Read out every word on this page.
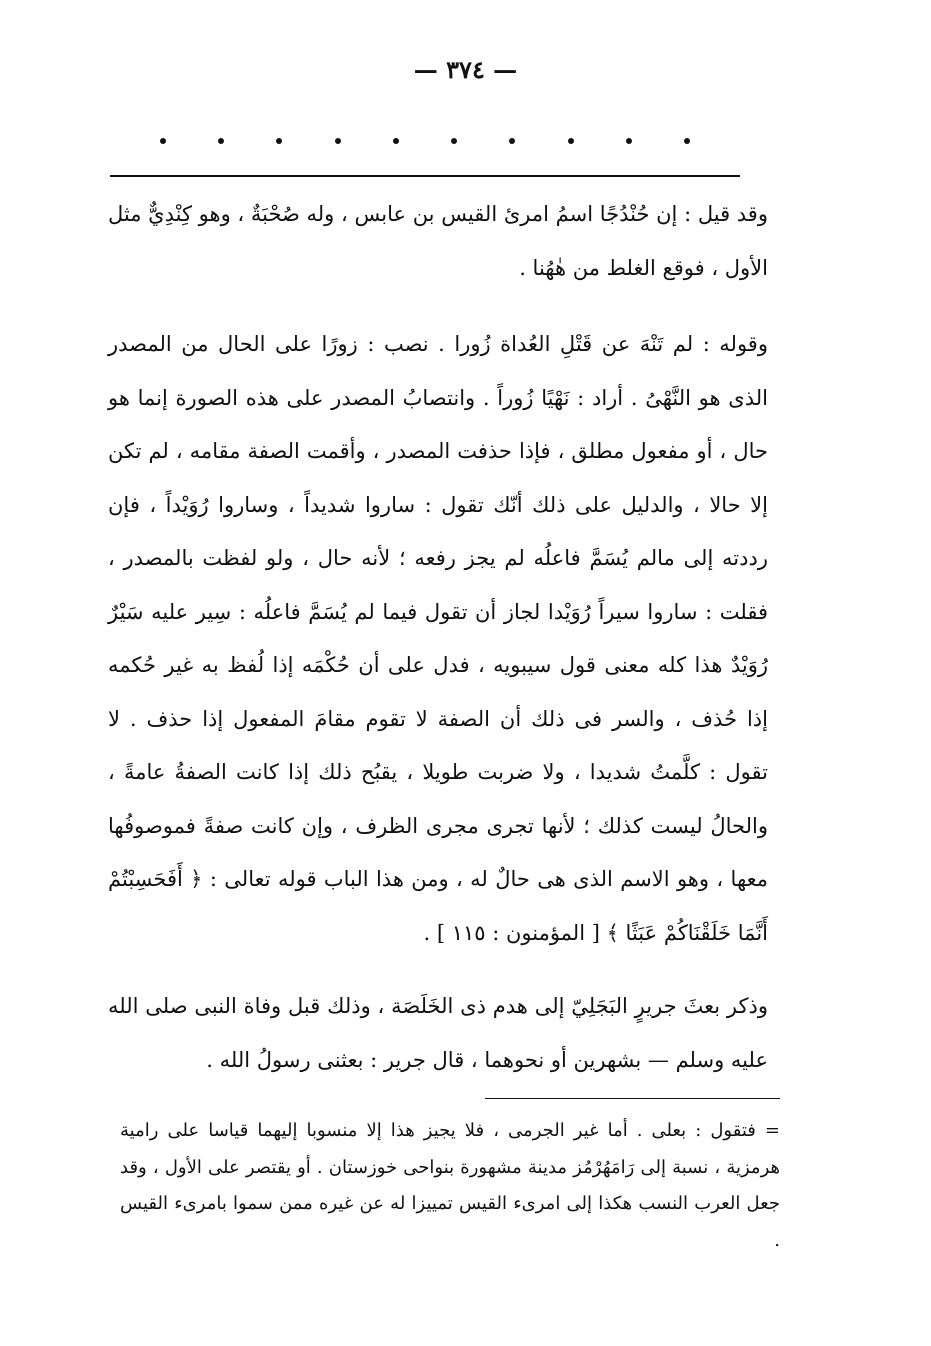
— ٣٧٤ —

وقد قيل : إن حُنْدُجًا اسمُ امرئ القيس بن عابس ، وله صُحْبَةٌ ، وهو كِنْدِيٌّ مثل الأول ، فوقع الغلط من هٰهُنا .

وقوله : لم تَنْهَ عن قَتْلِ العُداة زُورا . نصب : زورًا على الحال من المصدر الذى هو النَّهْىُ . أراد : نَهْيًا زُوراً . وانتصابُ المصدر على هذه الصورة إنما هو حال ، أو مفعول مطلق ، فإذا حذفت المصدر ، وأقمت الصفة مقامه ، لم تكن إلا حالا ، والدليل على ذلك أنّك تقول : ساروا شديداً ، وساروا رُوَيْداً ، فإن رددته إلى مالم يُسَمَّ فاعلُه لم يجز رفعه ؛ لأنه حال ، ولو لفظت بالمصدر ، فقلت : ساروا سيراً رُوَيْدا لجاز أن تقول فيما لم يُسَمَّ فاعلُه : سِير عليه سَيْرٌ رُوَيْدٌ هذا كله معنى قول سيبويه ، فدل على أن حُكْمَه إذا لُفظ به غير حُكمه إذا حُذف ، والسر فى ذلك أن الصفة لا تقوم مقامَ المفعول إذا حذف . لا تقول : كلَّمتُ شديدا ، ولا ضربت طويلا ، يقبُح ذلك إذا كانت الصفةُ عامةً ، والحالُ ليست كذلك ؛ لأنها تجرى مجرى الظرف ، وإن كانت صفةً فموصوفُها معها ، وهو الاسم الذى هى حالٌ له ، ومن هذا الباب قوله تعالى : ﴿ أَفَحَسِبْتُمْ أَنَّمَا خَلَقْنَاكُمْ عَبَثًا ﴾ [ المؤمنون : ١١٥ ] .

وذكر بعثَ جريرٍ البَجَلِيّ إلى هدم ذى الخَلَصَة ، وذلك قبل وفاة النبى صلى الله عليه وسلم — بشهرين أو نحوهما ، قال جرير : بعثنى رسولُ الله .

= فتقول : بعلى . أما غير الجرمى ، فلا يجيز هذا إلا منسوبا إليهما قياسا على رامية هرمزية ، نسبة إلى رَامَهُرْمُز مدينة مشهورة بنواحى خوزستان . أو يقتصر على الأول ، وقد جعل العرب النسب هكذا إلى امرىء القيس تمييزا له عن غيره ممن سموا بامرىء القيس .
